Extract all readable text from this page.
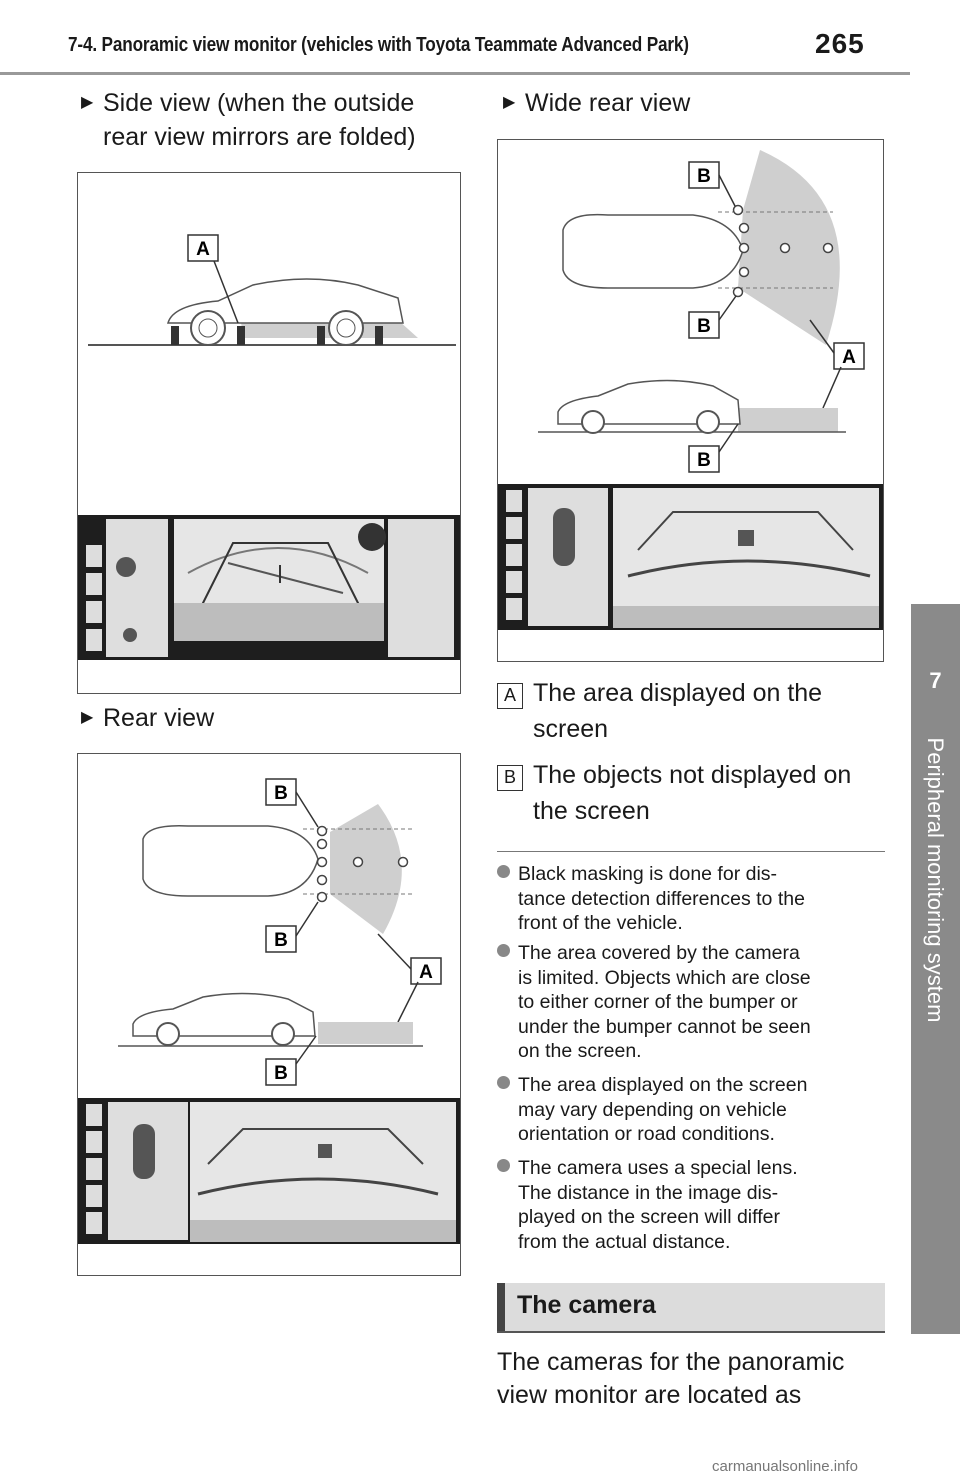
7-4. Panoramic view monitor (vehicles with Toyota Teammate Advanced Park)	265
7
Peripheral monitoring system
▶ Side view (when the outside
rear view mirrors are folded)
A
▶ Rear view
B
B
A
B
▶ Wide rear view
B
B
A
B
A The area displayed on the
screen
B The objects not displayed on
the screen
Black masking is done for dis-
tance detection differences to the
front of the vehicle.
The area covered by the camera
is limited. Objects which are close
to either corner of the bumper or
under the bumper cannot be seen
on the screen.
The area displayed on the screen
may vary depending on vehicle
orientation or road conditions.
The camera uses a special lens.
The distance in the image dis-
played on the screen will differ
from the actual distance.
The camera
The cameras for the panoramic
view monitor are located as
carmanualsonline.info
